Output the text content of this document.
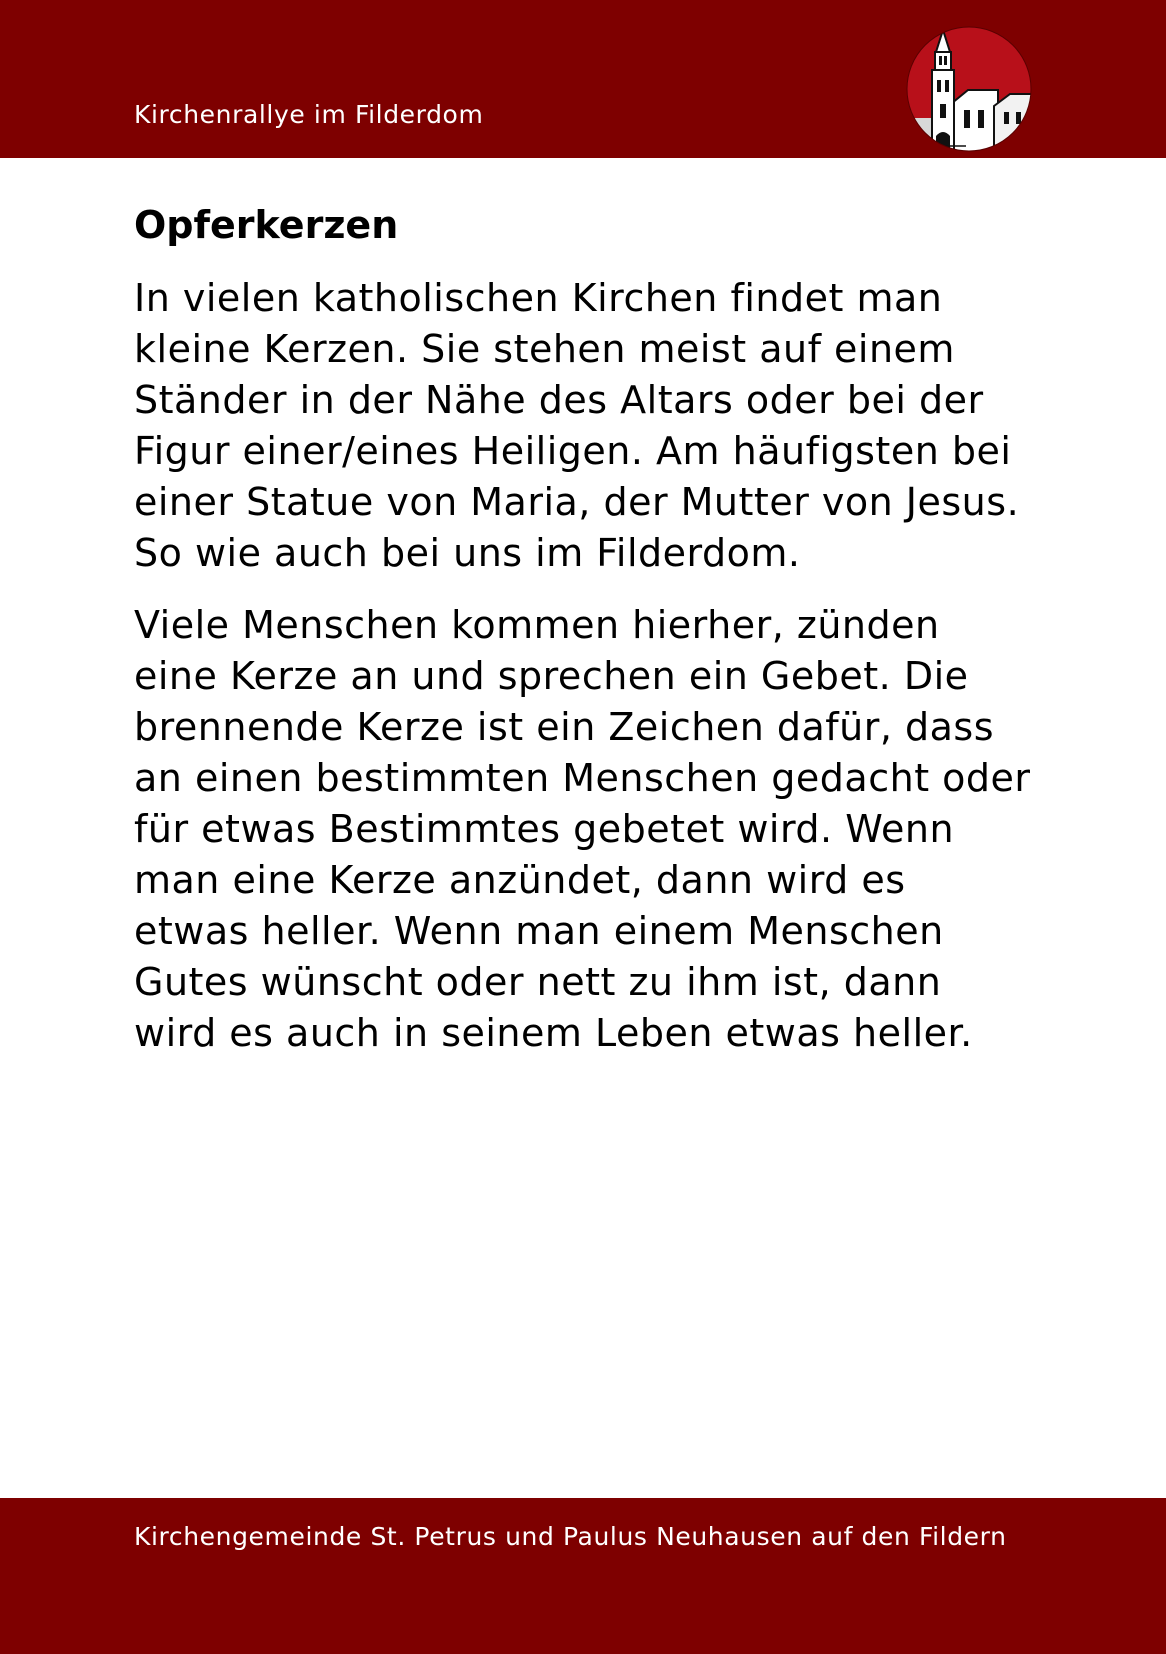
Kirchenrallye im Filderdom
Opferkerzen

In vielen katholischen Kirchen findet man
kleine Kerzen. Sie stehen meist auf einem
Ständer in der Nähe des Altars oder bei der
Figur einer/eines Heiligen. Am häufigsten bei
einer Statue von Maria, der Mutter von Jesus.
So wie auch bei uns im Filderdom.

Viele Menschen kommen hierher, zünden
eine Kerze an und sprechen ein Gebet. Die
brennende Kerze ist ein Zeichen dafür, dass
an einen bestimmten Menschen gedacht oder
für etwas Bestimmtes gebetet wird. Wenn
man eine Kerze anzündet, dann wird es
etwas heller. Wenn man einem Menschen
Gutes wünscht oder nett zu ihm ist, dann
wird es auch in seinem Leben etwas heller.

Kirchengemeinde St. Petrus und Paulus Neuhausen auf den Fildern
